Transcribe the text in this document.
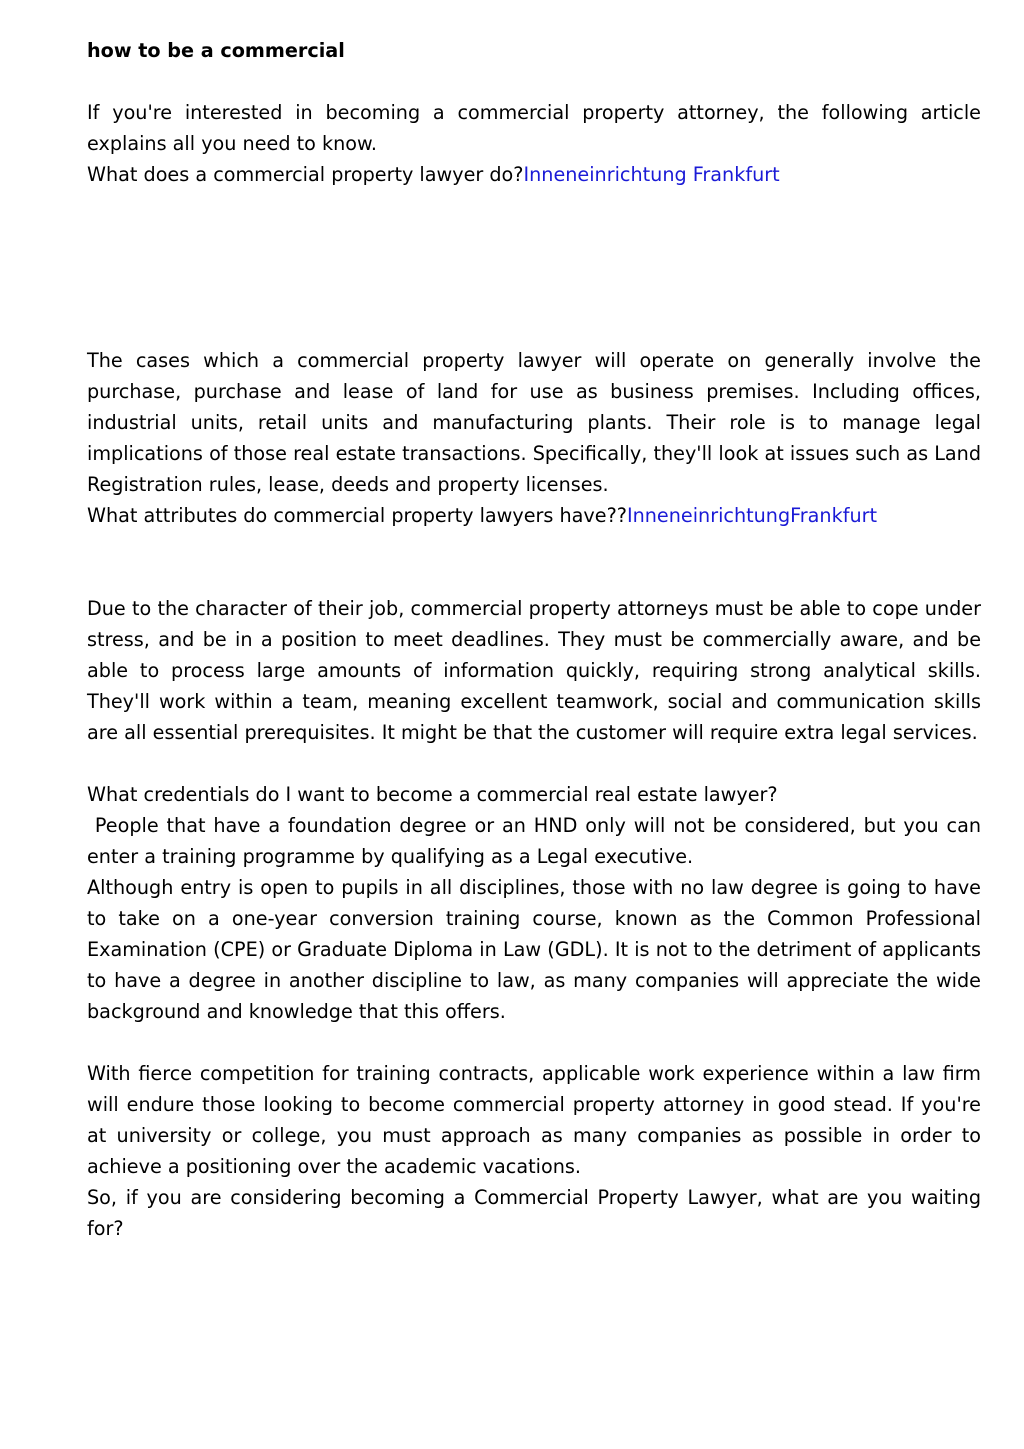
how to be a commercial

If you're interested in becoming a commercial property attorney, the following article explains all you need to know.

What does a commercial property lawyer do?Inneneinrichtung Frankfurt

The cases which a commercial property lawyer will operate on generally involve the purchase, purchase and lease of land for use as business premises. Including offices, industrial units, retail units and manufacturing plants. Their role is to manage legal implications of those real estate transactions. Specifically, they'll look at issues such as Land Registration rules, lease, deeds and property licenses.

What attributes do commercial property lawyers have??InneneinrichtungFrankfurt

Due to the character of their job, commercial property attorneys must be able to cope under stress, and be in a position to meet deadlines. They must be commercially aware, and be able to process large amounts of information quickly, requiring strong analytical skills. They'll work within a team, meaning excellent teamwork, social and communication skills are all essential prerequisites. It might be that the customer will require extra legal services.

What credentials do I want to become a commercial real estate lawyer?

People that have a foundation degree or an HND only will not be considered, but you can enter a training programme by qualifying as a Legal executive.

Although entry is open to pupils in all disciplines, those with no law degree is going to have to take on a one-year conversion training course, known as the Common Professional Examination (CPE) or Graduate Diploma in Law (GDL). It is not to the detriment of applicants to have a degree in another discipline to law, as many companies will appreciate the wide background and knowledge that this offers.

With fierce competition for training contracts, applicable work experience within a law firm will endure those looking to become commercial property attorney in good stead. If you're at university or college, you must approach as many companies as possible in order to achieve a positioning over the academic vacations.

So, if you are considering becoming a Commercial Property Lawyer, what are you waiting for?
